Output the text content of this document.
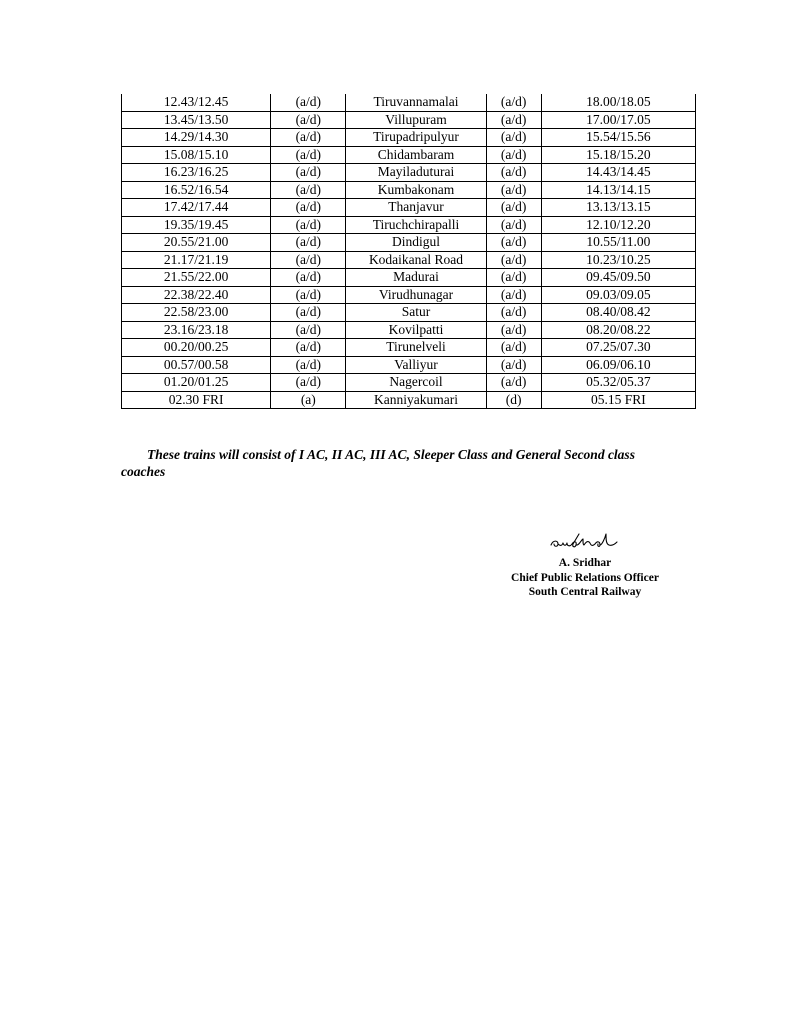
12.43/12.45	(a/d)	Tiruvannamalai	(a/d)	18.00/18.05
13.45/13.50	(a/d)	Villupuram	(a/d)	17.00/17.05
14.29/14.30	(a/d)	Tirupadripulyur	(a/d)	15.54/15.56
15.08/15.10	(a/d)	Chidambaram	(a/d)	15.18/15.20
16.23/16.25	(a/d)	Mayiladuturai	(a/d)	14.43/14.45
16.52/16.54	(a/d)	Kumbakonam	(a/d)	14.13/14.15
17.42/17.44	(a/d)	Thanjavur	(a/d)	13.13/13.15
19.35/19.45	(a/d)	Tiruchchirapalli	(a/d)	12.10/12.20
20.55/21.00	(a/d)	Dindigul	(a/d)	10.55/11.00
21.17/21.19	(a/d)	Kodaikanal Road	(a/d)	10.23/10.25
21.55/22.00	(a/d)	Madurai	(a/d)	09.45/09.50
22.38/22.40	(a/d)	Virudhunagar	(a/d)	09.03/09.05
22.58/23.00	(a/d)	Satur	(a/d)	08.40/08.42
23.16/23.18	(a/d)	Kovilpatti	(a/d)	08.20/08.22
00.20/00.25	(a/d)	Tirunelveli	(a/d)	07.25/07.30
00.57/00.58	(a/d)	Valliyur	(a/d)	06.09/06.10
01.20/01.25	(a/d)	Nagercoil	(a/d)	05.32/05.37
02.30 FRI	(a)	Kanniyakumari	(d)	05.15 FRI

These trains will consist of I AC, II AC, III AC, Sleeper Class and General Second class

coaches

A. Sridhar
Chief Public Relations Officer
South Central Railway
